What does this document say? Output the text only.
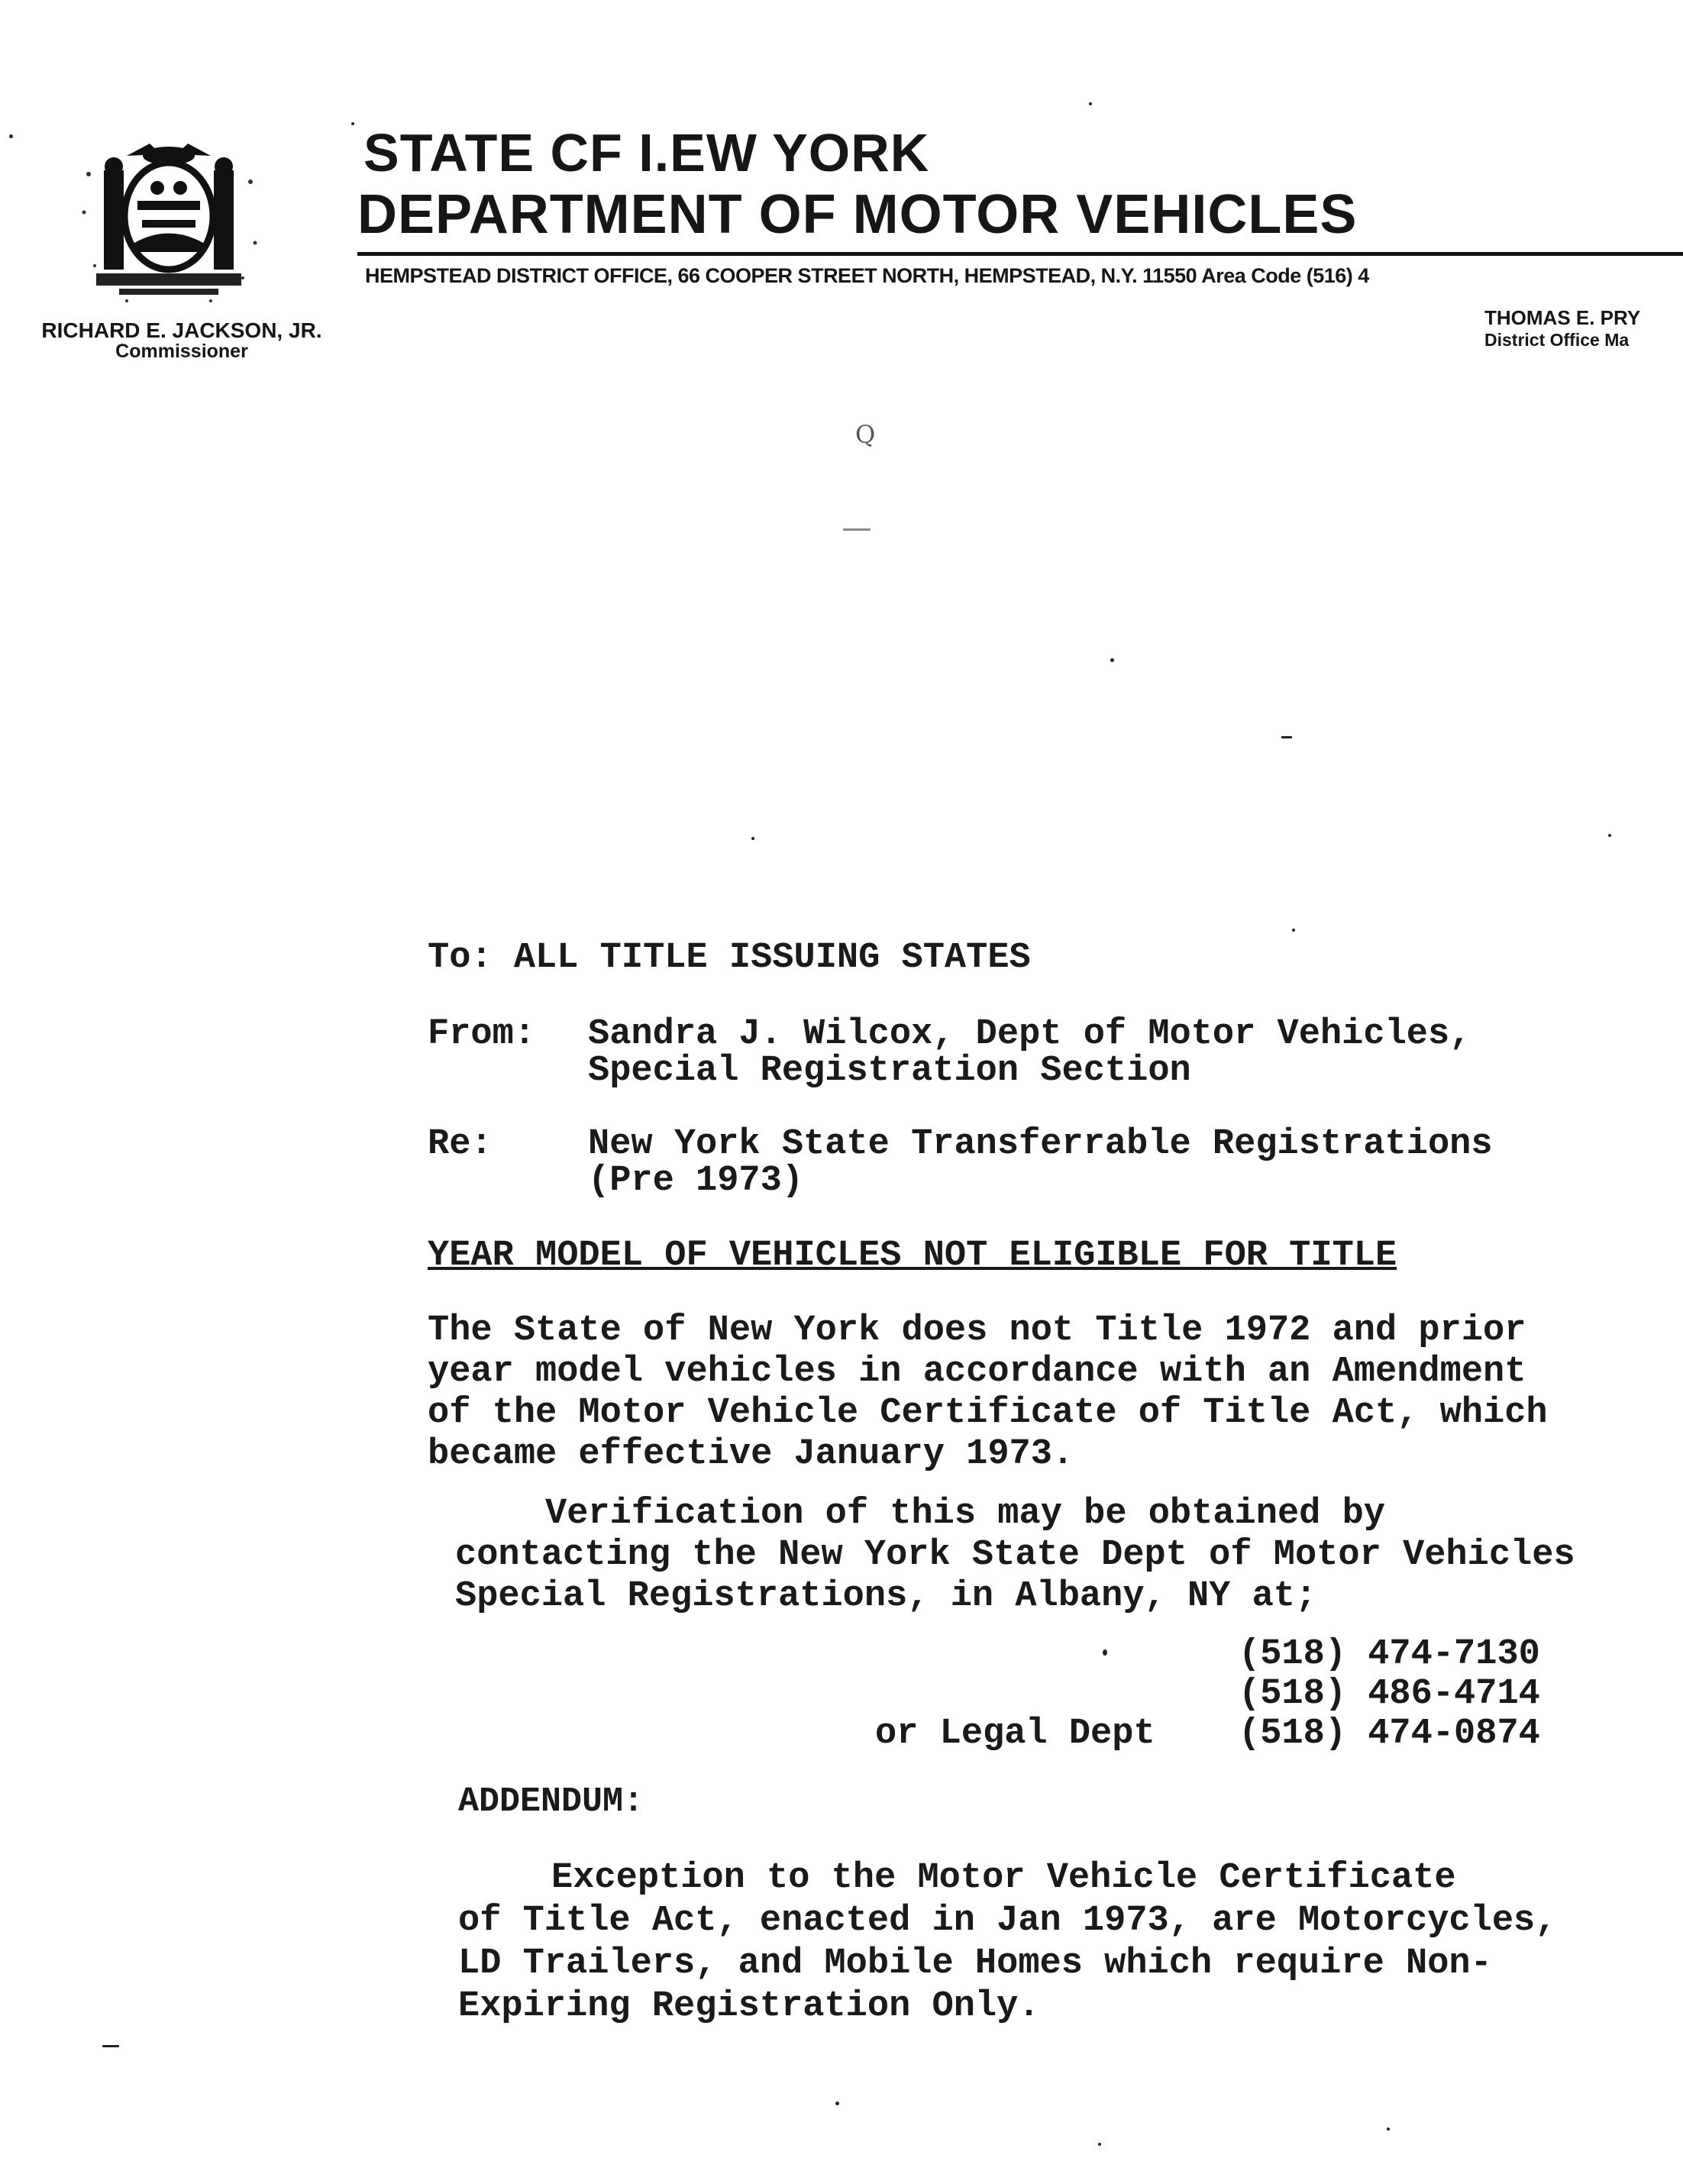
STATE CF I.EW YORK
DEPARTMENT OF MOTOR VEHICLES
HEMPSTEAD DISTRICT OFFICE, 66 COOPER STREET NORTH, HEMPSTEAD, N.Y. 11550 Area Code (516) 4
RICHARD E. JACKSON, JR.
Commissioner
THOMAS E. PRY
District Office Ma
Q
To: ALL TITLE ISSUING STATES
From: Sandra J. Wilcox, Dept of Motor Vehicles,
Special Registration Section
Re:	New York State Transferrable Registrations
(Pre 1973)
YEAR MODEL OF VEHICLES NOT ELIGIBLE FOR TITLE
The State of New York does not Title 1972 and prior
year model vehicles in accordance with an Amendment
of the Motor Vehicle Certificate of Title Act, which
became effective January 1973.
Verification of this may be obtained by
contacting the New York State Dept of Motor Vehicles
Special Registrations, in Albany, NY at;
(518) 474-7130
(518) 486-4714
or Legal Dept (518) 474-0874
ADDENDUM:
Exception to the Motor Vehicle Certificate
of Title Act, enacted in Jan 1973, are Motorcycles,
LD Trailers, and Mobile Homes which require Non-
Expiring Registration Only.
